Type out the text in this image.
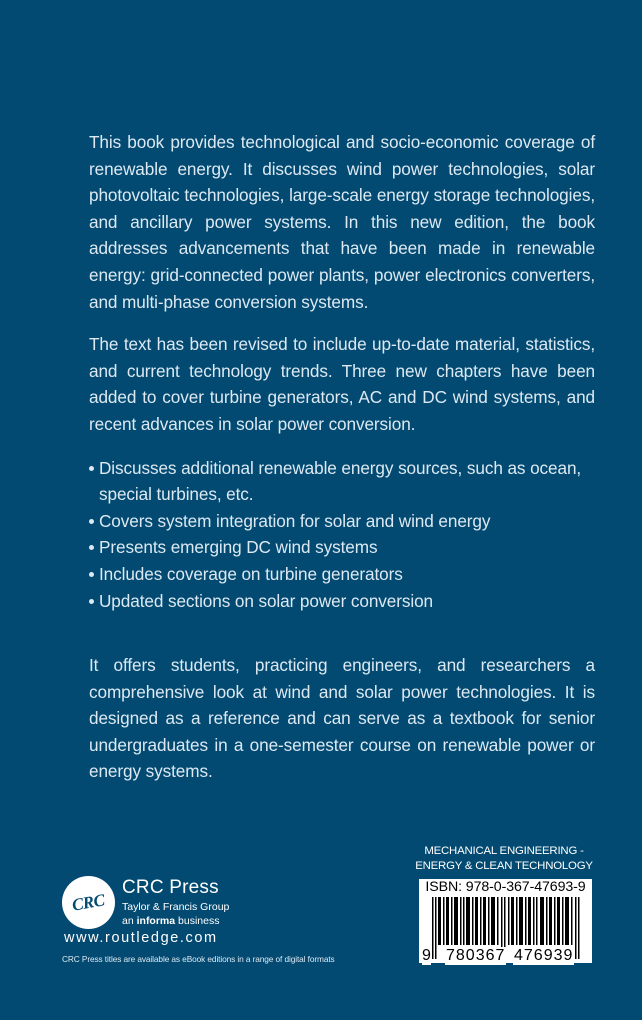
This book provides technological and socio-economic coverage of renewable energy. It discusses wind power technologies, solar photovoltaic technologies, large-scale energy storage technologies, and ancillary power systems. In this new edition, the book addresses advancements that have been made in renewable energy: grid-connected power plants, power electronics converters, and multi-phase conversion systems.

The text has been revised to include up-to-date material, statistics, and current technology trends. Three new chapters have been added to cover turbine generators, AC and DC wind systems, and recent advances in solar power conversion.

Discusses additional renewable energy sources, such as ocean, special turbines, etc.
Covers system integration for solar and wind energy
Presents emerging DC wind systems
Includes coverage on turbine generators
Updated sections on solar power conversion

It offers students, practicing engineers, and researchers a comprehensive look at wind and solar power technologies. It is designed as a reference and can serve as a textbook for senior undergraduates in a one-semester course on renewable power or energy systems.

CRC
CRC Press
Taylor & Francis Group
an informa business
www.routledge.com
CRC Press titles are available as eBook editions in a range of digital formats
MECHANICAL ENGINEERING -
ENERGY & CLEAN TECHNOLOGY
ISBN: 978-0-367-47693-9
9 780367 476939
